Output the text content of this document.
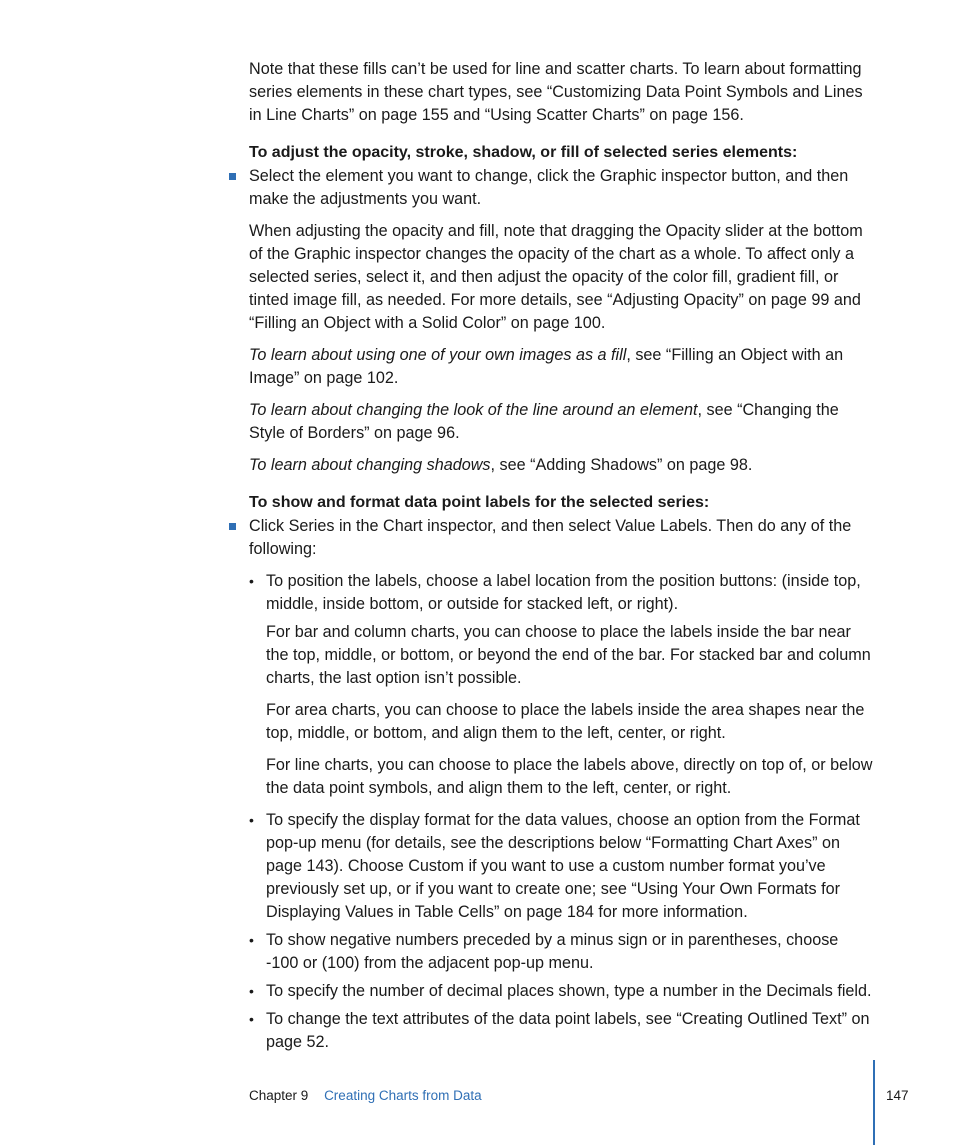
Note that these fills can’t be used for line and scatter charts. To learn about formatting series elements in these chart types, see “Customizing Data Point Symbols and Lines in Line Charts” on page 155 and “Using Scatter Charts” on page 156.

To adjust the opacity, stroke, shadow, or fill of selected series elements:

Select the element you want to change, click the Graphic inspector button, and then make the adjustments you want.

When adjusting the opacity and fill, note that dragging the Opacity slider at the bottom of the Graphic inspector changes the opacity of the chart as a whole. To affect only a selected series, select it, and then adjust the opacity of the color fill, gradient fill, or tinted image fill, as needed. For more details, see “Adjusting Opacity” on page 99 and “Filling an Object with a Solid Color” on page 100.

To learn about using one of your own images as a fill, see “Filling an Object with an Image” on page 102.

To learn about changing the look of the line around an element, see “Changing the Style of Borders” on page 96.

To learn about changing shadows, see “Adding Shadows” on page 98.

To show and format data point labels for the selected series:

Click Series in the Chart inspector, and then select Value Labels. Then do any of the following:

• To position the labels, choose a label location from the position buttons: (inside top, middle, inside bottom, or outside for stacked left, or right).

For bar and column charts, you can choose to place the labels inside the bar near the top, middle, or bottom, or beyond the end of the bar. For stacked bar and column charts, the last option isn’t possible.

For area charts, you can choose to place the labels inside the area shapes near the top, middle, or bottom, and align them to the left, center, or right.

For line charts, you can choose to place the labels above, directly on top of, or below the data point symbols, and align them to the left, center, or right.

• To specify the display format for the data values, choose an option from the Format pop-up menu (for details, see the descriptions below “Formatting Chart Axes” on page 143). Choose Custom if you want to use a custom number format you’ve previously set up, or if you want to create one; see “Using Your Own Formats for Displaying Values in Table Cells” on page 184 for more information.

• To show negative numbers preceded by a minus sign or in parentheses, choose -100 or (100) from the adjacent pop-up menu.

• To specify the number of decimal places shown, type a number in the Decimals field.

• To change the text attributes of the data point labels, see “Creating Outlined Text” on page 52.

Chapter 9 Creating Charts from Data	147
